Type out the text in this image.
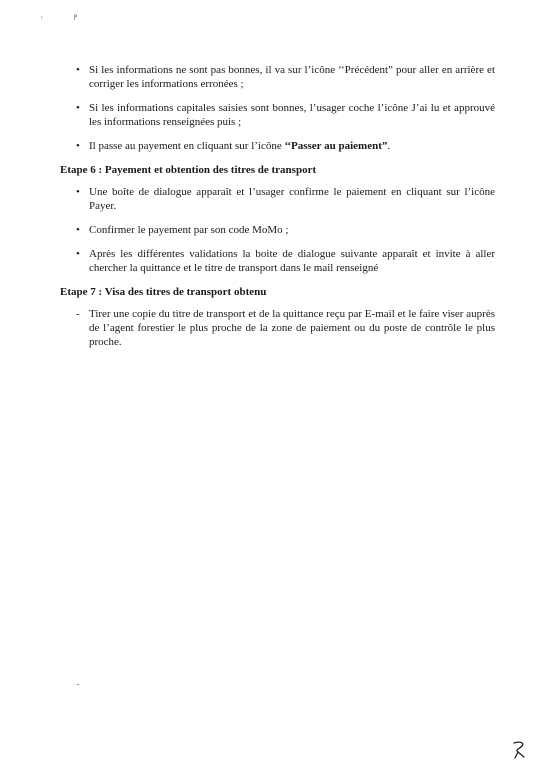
ᵣ	ⲣ
• Si les informations ne sont pas bonnes, il va sur l’icône ‘‘Précédent” pour aller en arrière et corriger les informations erronées ;
• Si les informations capitales saisies sont bonnes, l’usager coche l’icône J’ai lu et approuvé les informations renseignées puis ;
• Il passe au payement en cliquant sur l’icône ‘‘Passer au paiement”.
Etape 6 : Payement et obtention des titres de transport
• Une boîte de dialogue apparaît et l’usager confirme le paiement en cliquant sur l’icône Payer.
• Confirmer le payement par son code MoMo ;
• Après les différentes validations la boite de dialogue suivante apparaît et invite à aller chercher la quittance et le titre de transport dans le mail renseigné
Etape 7 : Visa des titres de transport obtenu
- Tirer une copie du titre de transport et de la quittance reçu par E-mail et le faire viser auprès de l’agent forestier le plus proche de la zone de paiement ou du poste de contrôle le plus proche.
